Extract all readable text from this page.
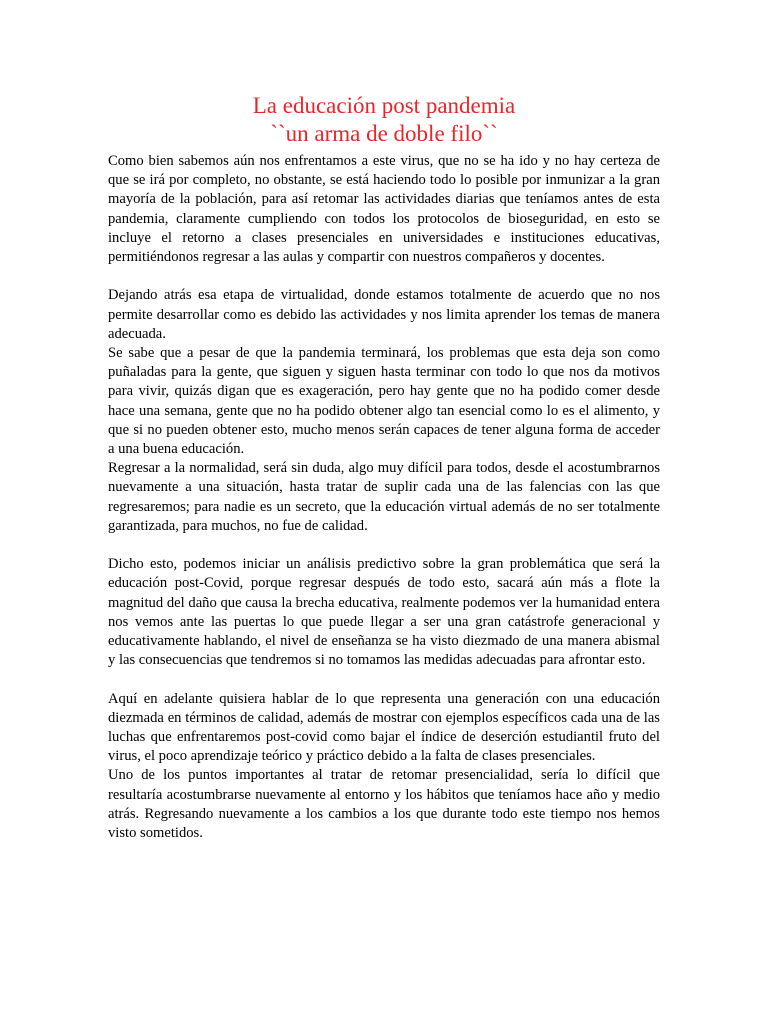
La educación post pandemia
``un arma de doble filo``

Como bien sabemos aún nos enfrentamos a este virus, que no se ha ido y no hay certeza de que se irá por completo, no obstante, se está haciendo todo lo posible por inmunizar a la gran mayoría de la población, para así retomar las actividades diarias que teníamos antes de esta pandemia, claramente cumpliendo con todos los protocolos de bioseguridad, en esto se incluye el retorno a clases presenciales en universidades e instituciones educativas, permitiéndonos regresar a las aulas y compartir con nuestros compañeros y docentes.

Dejando atrás esa etapa de virtualidad, donde estamos totalmente de acuerdo que no nos permite desarrollar como es debido las actividades y nos limita aprender los temas de manera adecuada.

Se sabe que a pesar de que la pandemia terminará, los problemas que esta deja son como puñaladas para la gente, que siguen y siguen hasta terminar con todo lo que nos da motivos para vivir, quizás digan que es exageración, pero hay gente que no ha podido comer desde hace una semana, gente que no ha podido obtener algo tan esencial como lo es el alimento, y que si no pueden obtener esto, mucho menos serán capaces de tener alguna forma de acceder a una buena educación.

Regresar a la normalidad, será sin duda, algo muy difícil para todos, desde el acostumbrarnos nuevamente a una situación, hasta tratar de suplir cada una de las falencias con las que regresaremos; para nadie es un secreto, que la educación virtual además de no ser totalmente garantizada, para muchos, no fue de calidad.

Dicho esto, podemos iniciar un análisis predictivo sobre la gran problemática que será la educación post-Covid, porque regresar después de todo esto, sacará aún más a flote la magnitud del daño que causa la brecha educativa, realmente podemos ver la humanidad entera nos vemos ante las puertas lo que puede llegar a ser una gran catástrofe generacional y educativamente hablando, el nivel de enseñanza se ha visto diezmado de una manera abismal y las consecuencias que tendremos si no tomamos las medidas adecuadas para afrontar esto.

Aquí en adelante quisiera hablar de lo que representa una generación con una educación diezmada en términos de calidad, además de mostrar con ejemplos específicos cada una de las luchas que enfrentaremos post-covid como bajar el índice de deserción estudiantil fruto del virus, el poco aprendizaje teórico y práctico debido a la falta de clases presenciales.

Uno de los puntos importantes al tratar de retomar presencialidad, sería lo difícil que resultaría acostumbrarse nuevamente al entorno y los hábitos que teníamos hace año y medio atrás. Regresando nuevamente a los cambios a los que durante todo este tiempo nos hemos visto sometidos.
